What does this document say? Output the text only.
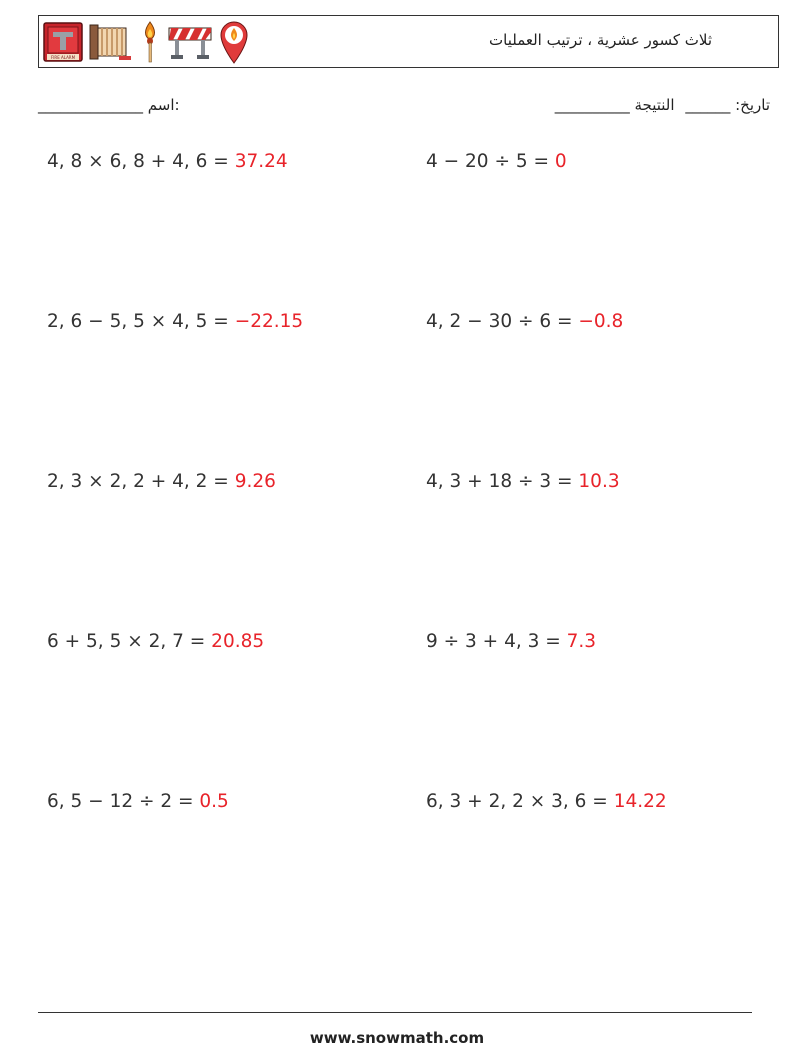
FIRE ALARM
ثلاث كسور عشرية ، ترتيب العمليات
______________ اسم:	تاريخ: ______ النتيجة __________
4, 8 × 6, 8 + 4, 6 = 37.24	4 − 20 ÷ 5 = 0
2, 6 − 5, 5 × 4, 5 = −22.15	4, 2 − 30 ÷ 6 = −0.8
2, 3 × 2, 2 + 4, 2 = 9.26	4, 3 + 18 ÷ 3 = 10.3
6 + 5, 5 × 2, 7 = 20.85	9 ÷ 3 + 4, 3 = 7.3
6, 5 − 12 ÷ 2 = 0.5	6, 3 + 2, 2 × 3, 6 = 14.22
www.snowmath.com
